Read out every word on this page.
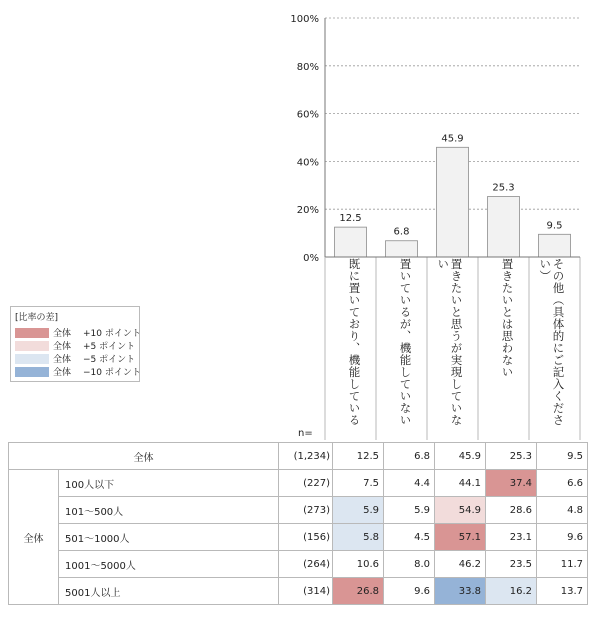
0%
20%
40%
60%
80%
100%
12.5
6.8
45.9
25.3
9.5
既に置いており、機能している	置いているが、機能していない	置きたいと思うが実現していない	置きたいとは思わない	その他（具体的にご記入ください）
[比率の差]
全体	+10 ポイント
全体	+5 ポイント
全体	−5 ポイント
全体	−10 ポイント
n=
全体		(1,234)	12.5	6.8	45.9	25.3	9.5
全体	100人以下	(227)	7.5	4.4	44.1	37.4	6.6
	101～500人	(273)	5.9	5.9	54.9	28.6	4.8
	501～1000人	(156)	5.8	4.5	57.1	23.1	9.6
	1001～5000人	(264)	10.6	8.0	46.2	23.5	11.7
	5001人以上	(314)	26.8	9.6	33.8	16.2	13.7
